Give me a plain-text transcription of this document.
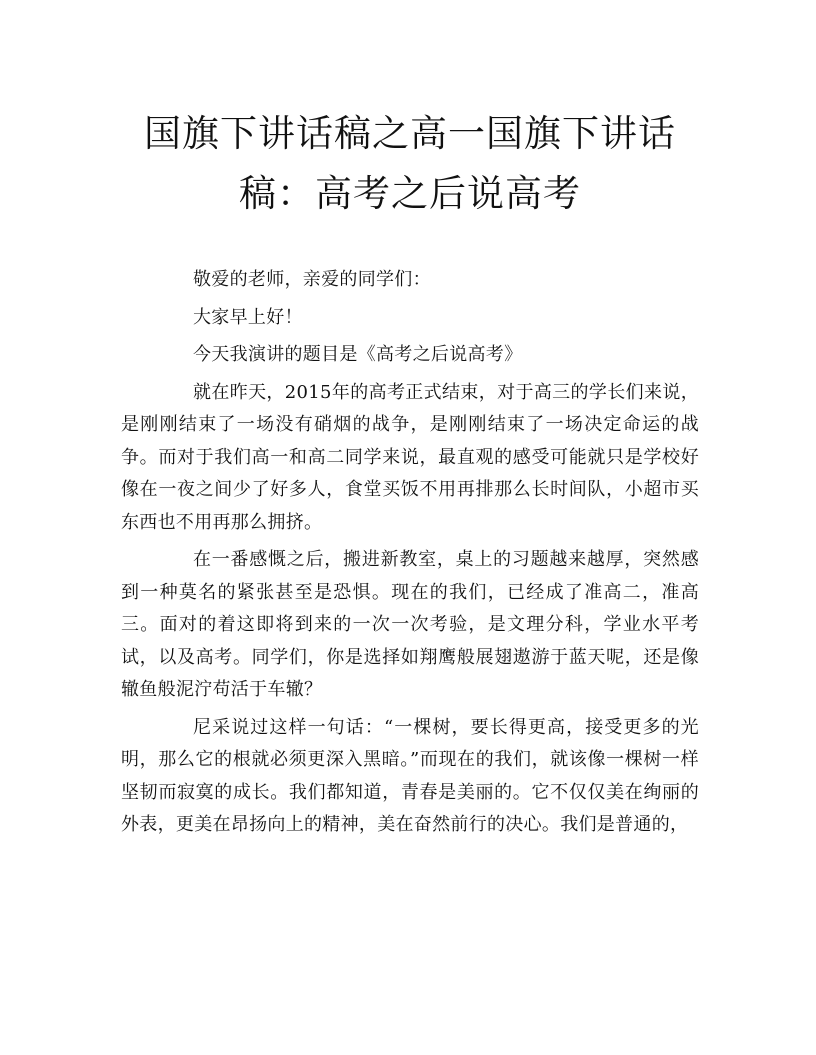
国旗下讲话稿之高一国旗下讲话稿：高考之后说高考

敬爱的老师，亲爱的同学们：

大家早上好！

今天我演讲的题目是《高考之后说高考》

就在昨天，2015年的高考正式结束，对于高三的学长们来说，是刚刚结束了一场没有硝烟的战争，是刚刚结束了一场决定命运的战争。而对于我们高一和高二同学来说，最直观的感受可能就只是学校好像在一夜之间少了好多人，食堂买饭不用再排那么长时间队，小超市买东西也不用再那么拥挤。

在一番感慨之后，搬进新教室，桌上的习题越来越厚，突然感到一种莫名的紧张甚至是恐惧。现在的我们，已经成了准高二，准高三。面对的着这即将到来的一次一次考验，是文理分科，学业水平考试，以及高考。同学们，你是选择如翔鹰般展翅遨游于蓝天呢，还是像辙鱼般泥泞苟活于车辙？

尼采说过这样一句话：“一棵树，要长得更高，接受更多的光明，那么它的根就必须更深入黑暗。”而现在的我们，就该像一棵树一样坚韧而寂寞的成长。我们都知道，青春是美丽的。它不仅仅美在绚丽的外表，更美在昂扬向上的精神，美在奋然前行的决心。我们是普通的，
